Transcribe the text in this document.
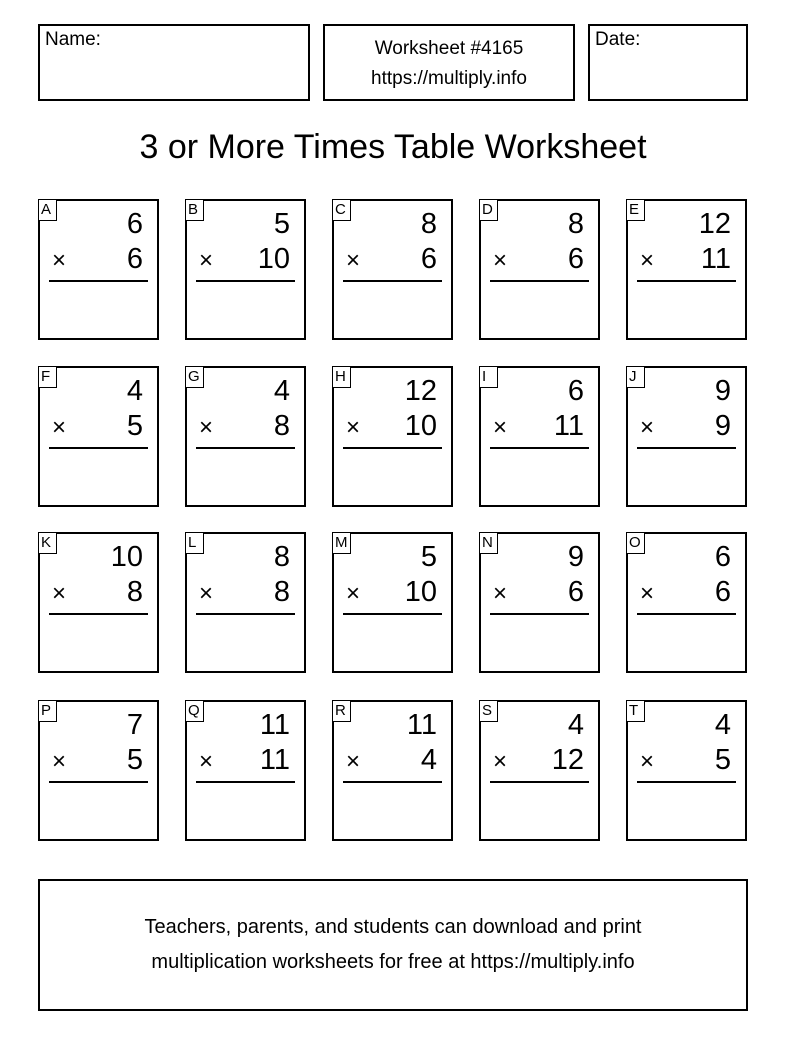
Name:	Worksheet #4165
https://multiply.info
Date:
3 or More Times Table Worksheet
A	6
× 6
B	5
× 10
C	8
× 6
D	8
× 6
E 12
× 11
F	4
× 5
G	4
× 8
H 12
× 10
I	6
× 11
J	9
× 9
K 10
× 8
L	8
× 8
M	5
× 10
N	9
× 6
O	6
× 6
P	7
× 5
Q 11
× 11
R 11
× 4
S	4
× 12
T	4
× 5
Teachers, parents, and students can download and print
multiplication worksheets for free at https://multiply.info
